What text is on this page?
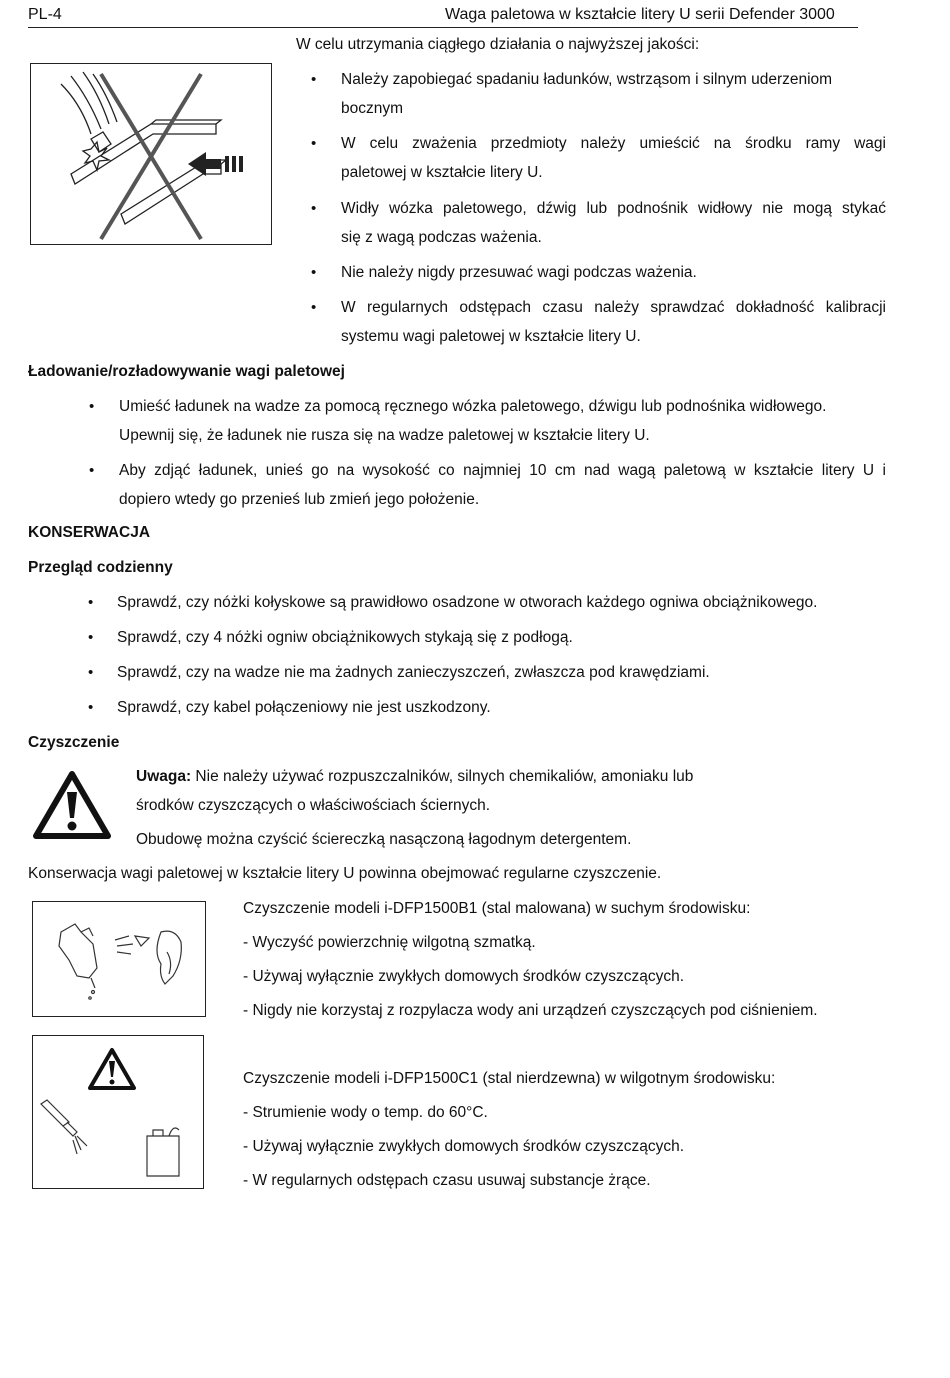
PL-4	Waga paletowa w kształcie litery U serii Defender 3000
W celu utrzymania ciągłego działania o najwyższej jakości:
• Należy zapobiegać spadaniu ładunków, wstrząsom i silnym uderzeniom
bocznym
• W celu zważenia przedmioty należy umieścić na środku ramy wagi
paletowej w kształcie litery U.
• Widły wózka paletowego, dźwig lub podnośnik widłowy nie mogą stykać
się z wagą podczas ważenia.
• Nie należy nigdy przesuwać wagi podczas ważenia.
• W regularnych odstępach czasu należy sprawdzać dokładność kalibracji
systemu wagi paletowej w kształcie litery U.
Ładowanie/rozładowywanie wagi paletowej
• Umieść ładunek na wadze za pomocą ręcznego wózka paletowego, dźwigu lub podnośnika widłowego.
Upewnij się, że ładunek nie rusza się na wadze paletowej w kształcie litery U.
• Aby zdjąć ładunek, unieś go na wysokość co najmniej 10 cm nad wagą paletową w kształcie litery U i
dopiero wtedy go przenieś lub zmień jego położenie.
KONSERWACJA
Przegląd codzienny
• Sprawdź, czy nóżki kołyskowe są prawidłowo osadzone w otworach każdego ogniwa obciążnikowego.
• Sprawdź, czy 4 nóżki ogniw obciążnikowych stykają się z podłogą.
• Sprawdź, czy na wadze nie ma żadnych zanieczyszczeń, zwłaszcza pod krawędziami.
• Sprawdź, czy kabel połączeniowy nie jest uszkodzony.
Czyszczenie
Uwaga: Nie należy używać rozpuszczalników, silnych chemikaliów, amoniaku lub
środków czyszczących o właściwościach ściernych.
Obudowę można czyścić ściereczką nasączoną łagodnym detergentem.
Konserwacja wagi paletowej w kształcie litery U powinna obejmować regularne czyszczenie.
Czyszczenie modeli i-DFP1500B1 (stal malowana) w suchym środowisku:
- Wyczyść powierzchnię wilgotną szmatką.
- Używaj wyłącznie zwykłych domowych środków czyszczących.
- Nigdy nie korzystaj z rozpylacza wody ani urządzeń czyszczących pod ciśnieniem.
Czyszczenie modeli i-DFP1500C1 (stal nierdzewna) w wilgotnym środowisku:
- Strumienie wody o temp. do 60°C.
- Używaj wyłącznie zwykłych domowych środków czyszczących.
- W regularnych odstępach czasu usuwaj substancje żrące.
